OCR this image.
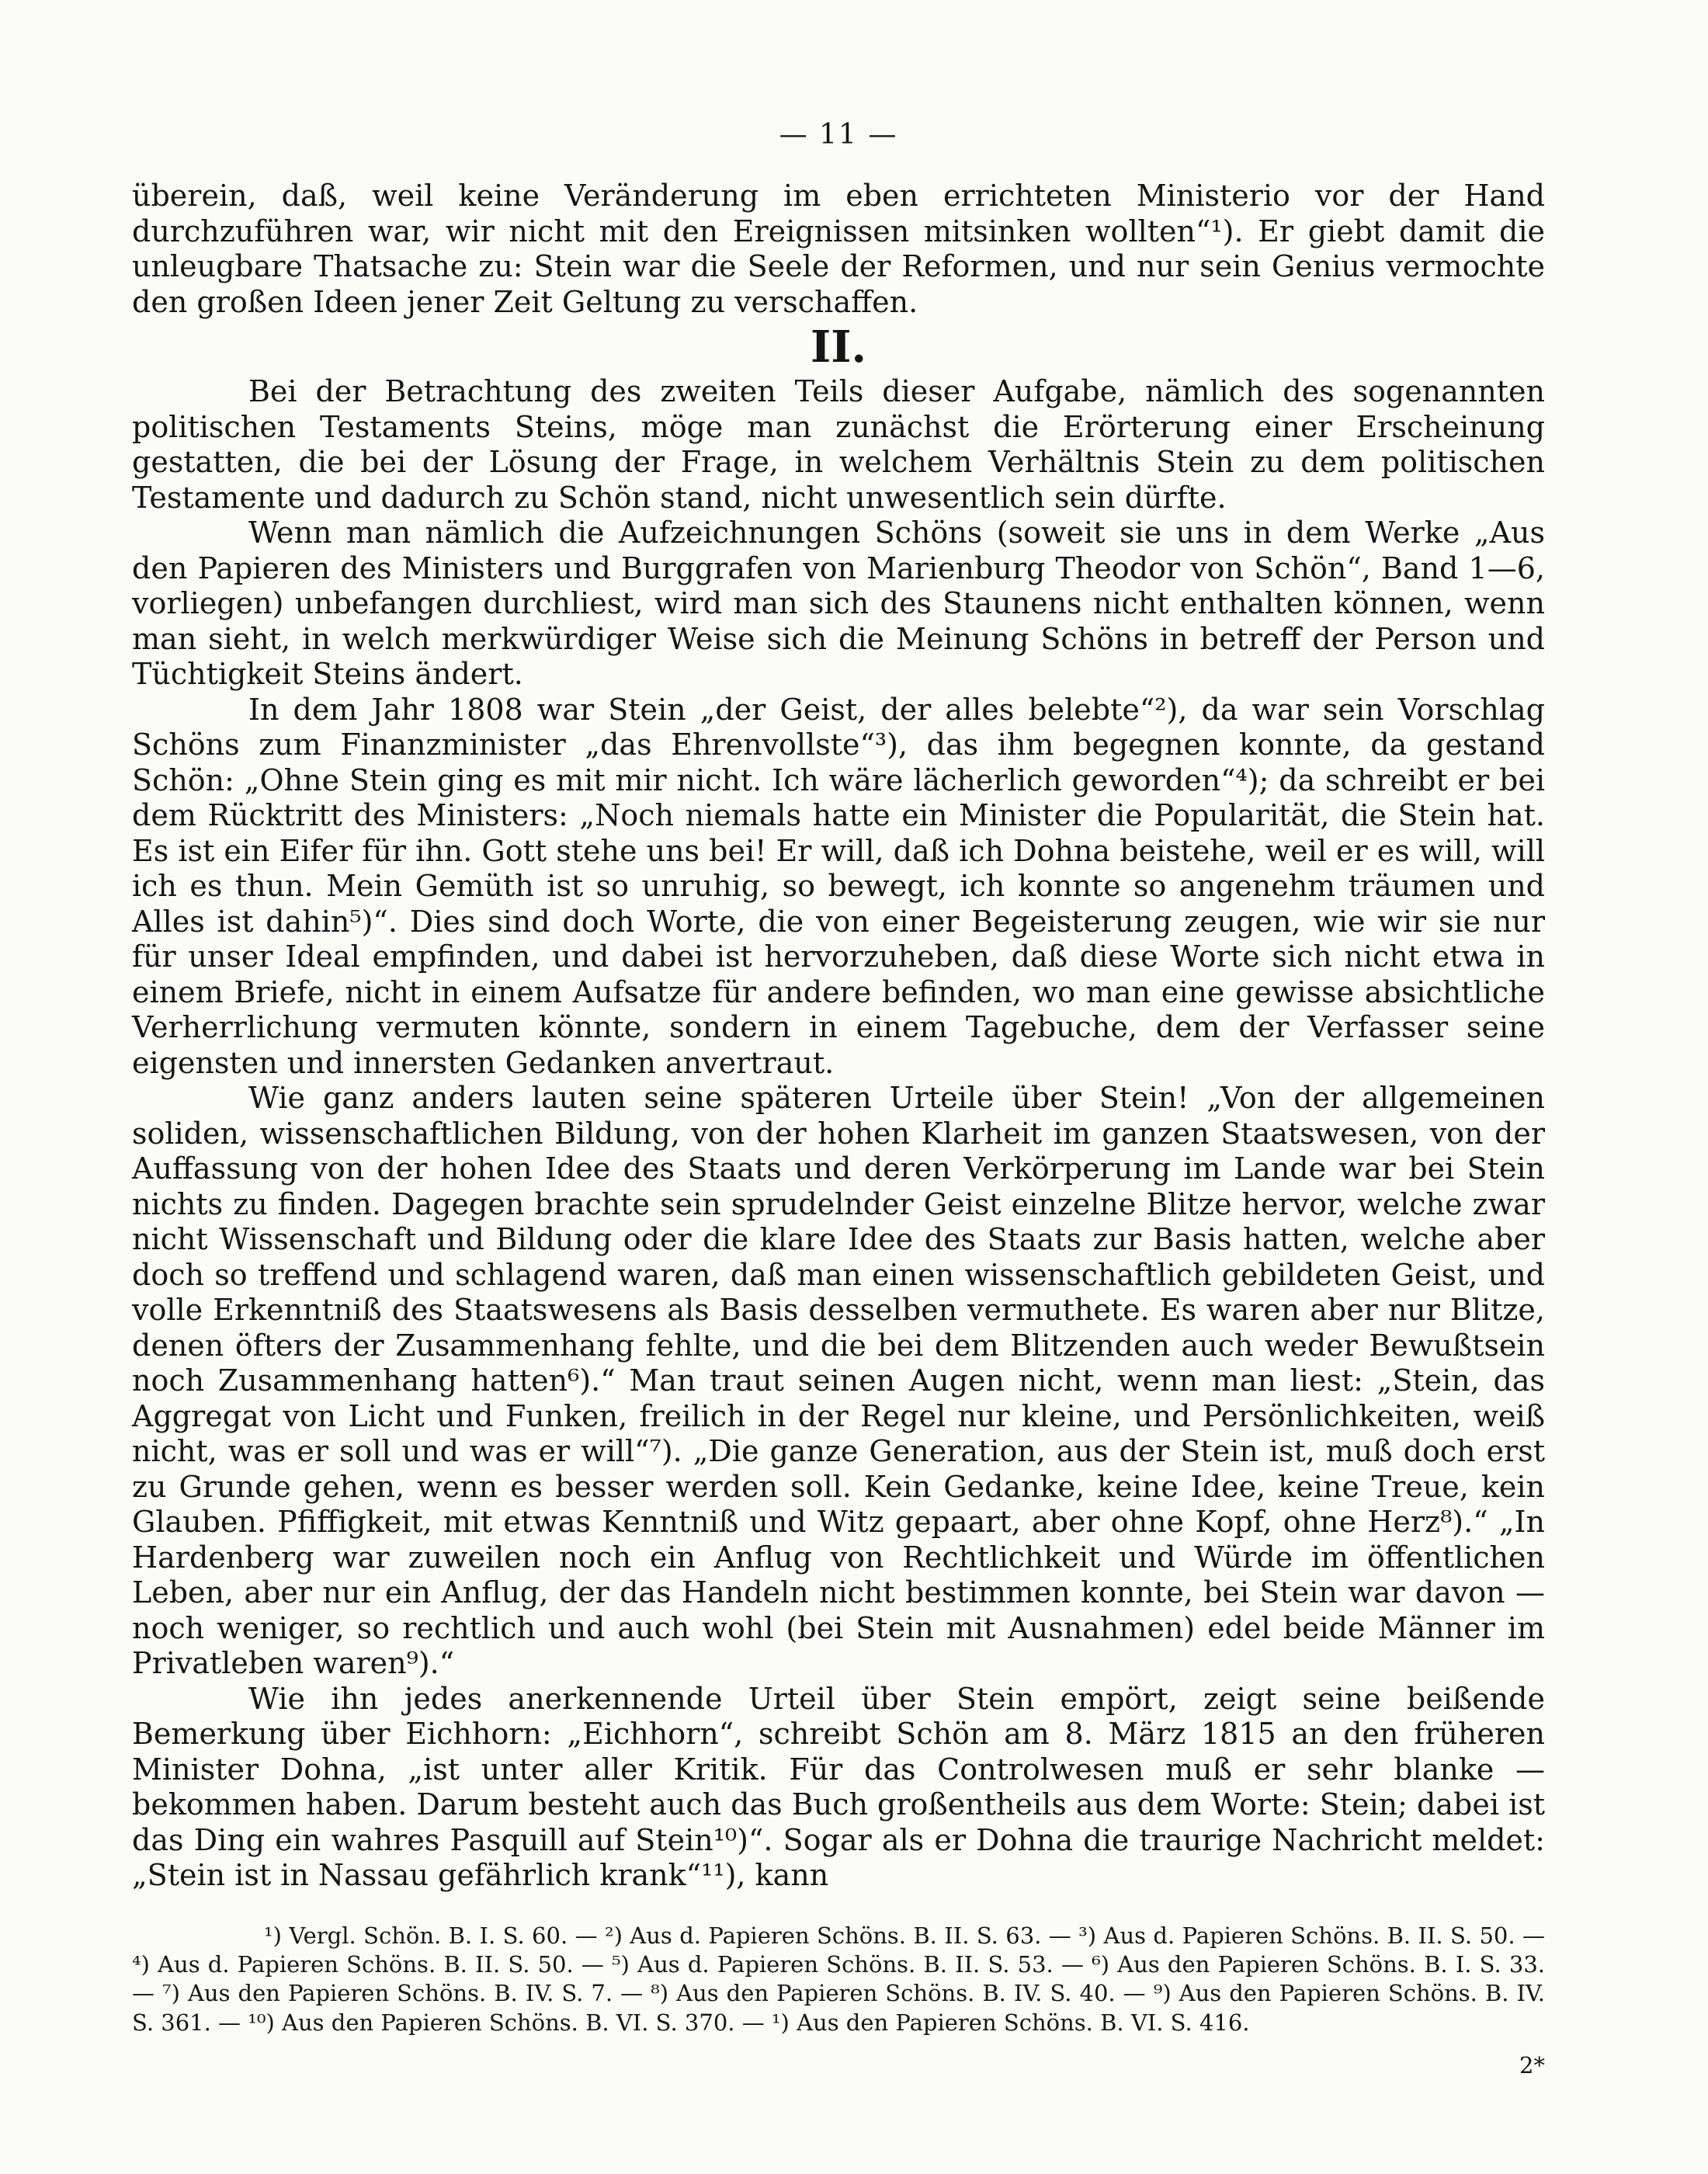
— 11 —

überein, daß, weil keine Veränderung im eben errichteten Ministerio vor der Hand durchzuführen war, wir nicht mit den Ereignissen mitsinken wollten“¹). Er giebt damit die unleugbare Thatsache zu: Stein war die Seele der Reformen, und nur sein Genius vermochte den großen Ideen jener Zeit Geltung zu verschaffen.

II.

Bei der Betrachtung des zweiten Teils dieser Aufgabe, nämlich des sogenannten politischen Testaments Steins, möge man zunächst die Erörterung einer Erscheinung gestatten, die bei der Lösung der Frage, in welchem Verhältnis Stein zu dem politischen Testamente und dadurch zu Schön stand, nicht unwesentlich sein dürfte.

Wenn man nämlich die Aufzeichnungen Schöns (soweit sie uns in dem Werke „Aus den Papieren des Ministers und Burggrafen von Marienburg Theodor von Schön“, Band 1—6, vorliegen) unbefangen durchliest, wird man sich des Staunens nicht enthalten können, wenn man sieht, in welch merkwürdiger Weise sich die Meinung Schöns in betreff der Person und Tüchtigkeit Steins ändert.

In dem Jahr 1808 war Stein „der Geist, der alles belebte“²), da war sein Vorschlag Schöns zum Finanzminister „das Ehrenvollste“³), das ihm begegnen konnte, da gestand Schön: „Ohne Stein ging es mit mir nicht. Ich wäre lächerlich geworden“⁴); da schreibt er bei dem Rücktritt des Ministers: „Noch niemals hatte ein Minister die Popularität, die Stein hat. Es ist ein Eifer für ihn. Gott stehe uns bei! Er will, daß ich Dohna beistehe, weil er es will, will ich es thun. Mein Gemüth ist so unruhig, so bewegt, ich konnte so angenehm träumen und Alles ist dahin⁵)“. Dies sind doch Worte, die von einer Begeisterung zeugen, wie wir sie nur für unser Ideal empfinden, und dabei ist hervorzuheben, daß diese Worte sich nicht etwa in einem Briefe, nicht in einem Aufsatze für andere befinden, wo man eine gewisse absichtliche Verherrlichung vermuten könnte, sondern in einem Tagebuche, dem der Verfasser seine eigensten und innersten Gedanken anvertraut.

Wie ganz anders lauten seine späteren Urteile über Stein! „Von der allgemeinen soliden, wissenschaftlichen Bildung, von der hohen Klarheit im ganzen Staatswesen, von der Auffassung von der hohen Idee des Staats und deren Verkörperung im Lande war bei Stein nichts zu finden. Dagegen brachte sein sprudelnder Geist einzelne Blitze hervor, welche zwar nicht Wissenschaft und Bildung oder die klare Idee des Staats zur Basis hatten, welche aber doch so treffend und schlagend waren, daß man einen wissenschaftlich gebildeten Geist, und volle Erkenntniß des Staatswesens als Basis desselben vermuthete. Es waren aber nur Blitze, denen öfters der Zusammenhang fehlte, und die bei dem Blitzenden auch weder Bewußtsein noch Zusammenhang hatten⁶).“ Man traut seinen Augen nicht, wenn man liest: „Stein, das Aggregat von Licht und Funken, freilich in der Regel nur kleine, und Persönlichkeiten, weiß nicht, was er soll und was er will“⁷). „Die ganze Generation, aus der Stein ist, muß doch erst zu Grunde gehen, wenn es besser werden soll. Kein Gedanke, keine Idee, keine Treue, kein Glauben. Pfiffigkeit, mit etwas Kenntniß und Witz gepaart, aber ohne Kopf, ohne Herz⁸).“ „In Hardenberg war zuweilen noch ein Anflug von Rechtlichkeit und Würde im öffentlichen Leben, aber nur ein Anflug, der das Handeln nicht bestimmen konnte, bei Stein war davon — noch weniger, so rechtlich und auch wohl (bei Stein mit Ausnahmen) edel beide Männer im Privatleben waren⁹).“

Wie ihn jedes anerkennende Urteil über Stein empört, zeigt seine beißende Bemerkung über Eichhorn: „Eichhorn“, schreibt Schön am 8. März 1815 an den früheren Minister Dohna, „ist unter aller Kritik. Für das Controlwesen muß er sehr blanke — bekommen haben. Darum besteht auch das Buch großentheils aus dem Worte: Stein; dabei ist das Ding ein wahres Pasquill auf Stein¹⁰)“. Sogar als er Dohna die traurige Nachricht meldet: „Stein ist in Nassau gefährlich krank“¹¹), kann

¹) Vergl. Schön. B. I. S. 60. — ²) Aus d. Papieren Schöns. B. II. S. 63. — ³) Aus d. Papieren Schöns. B. II. S. 50. — ⁴) Aus d. Papieren Schöns. B. II. S. 50. — ⁵) Aus d. Papieren Schöns. B. II. S. 53. — ⁶) Aus den Papieren Schöns. B. I. S. 33. — ⁷) Aus den Papieren Schöns. B. IV. S. 7. — ⁸) Aus den Papieren Schöns. B. IV. S. 40. — ⁹) Aus den Papieren Schöns. B. IV. S. 361. — ¹⁰) Aus den Papieren Schöns. B. VI. S. 370. — ¹) Aus den Papieren Schöns. B. VI. S. 416.

2*
